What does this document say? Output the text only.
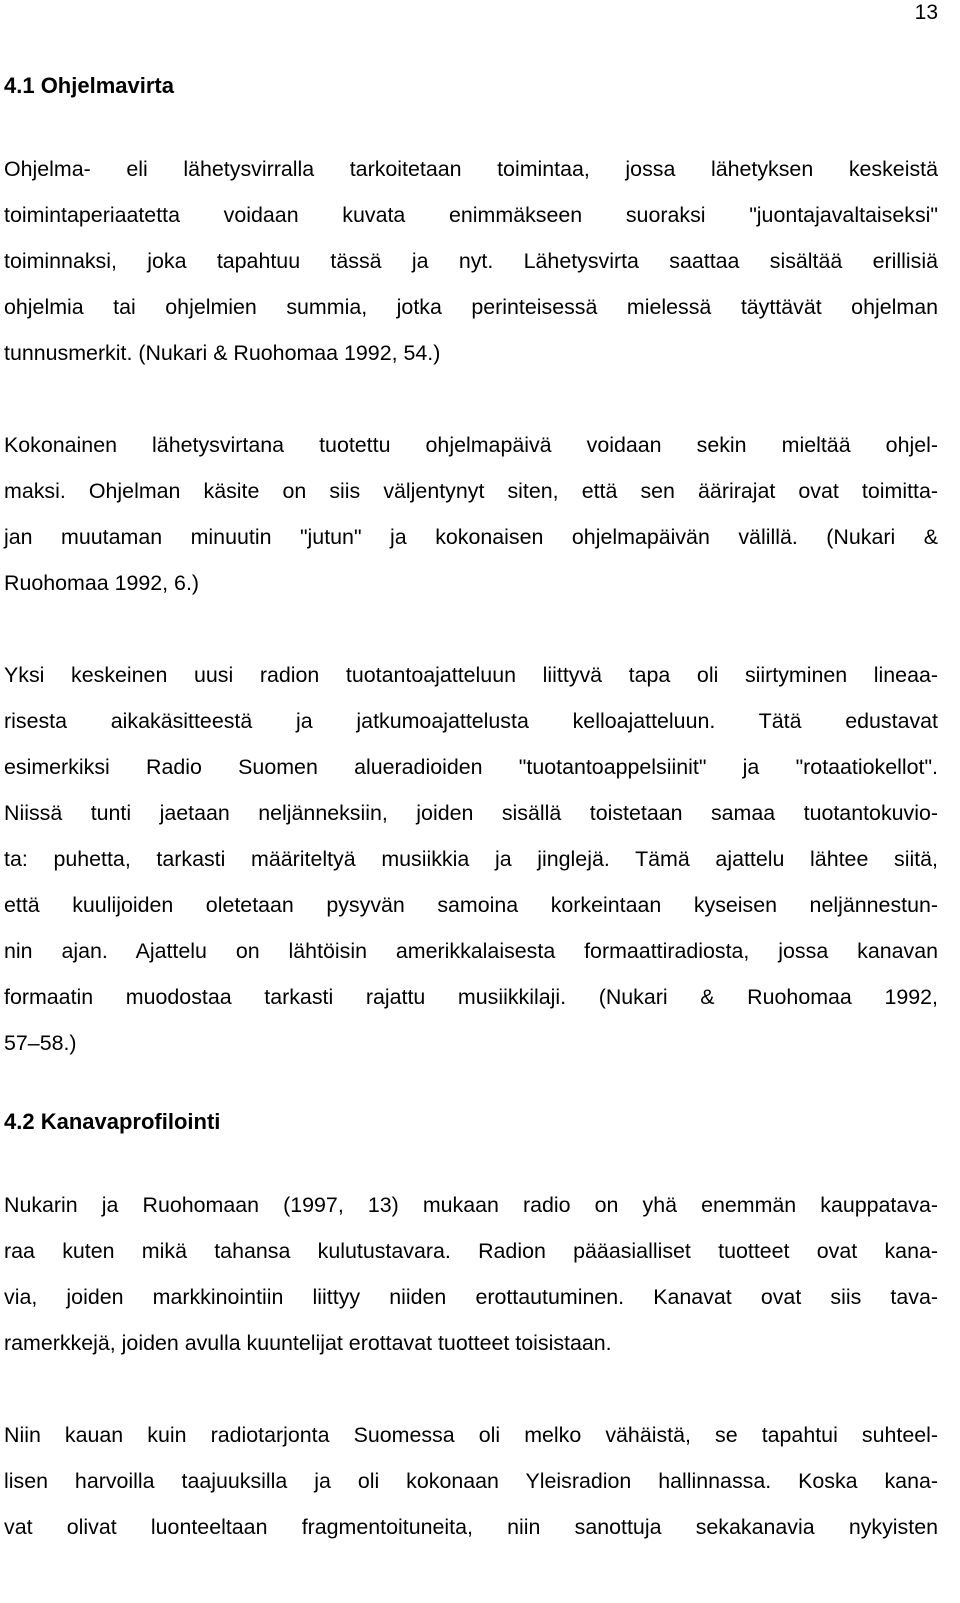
13
4.1 Ohjelmavirta

Ohjelma- eli lähetysvirralla tarkoitetaan toimintaa, jossa lähetyksen keskeistä
toimintaperiaatetta voidaan kuvata enimmäkseen suoraksi "juontajavaltaiseksi"
toiminnaksi, joka tapahtuu tässä ja nyt. Lähetysvirta saattaa sisältää erillisiä
ohjelmia tai ohjelmien summia, jotka perinteisessä mielessä täyttävät ohjelman
tunnusmerkit. (Nukari & Ruohomaa 1992, 54.)

Kokonainen lähetysvirtana tuotettu ohjelmapäivä voidaan sekin mieltää ohjel-
maksi. Ohjelman käsite on siis väljentynyt siten, että sen äärirajat ovat toimitta-
jan muutaman minuutin "jutun" ja kokonaisen ohjelmapäivän välillä. (Nukari &
Ruohomaa 1992, 6.)

Yksi keskeinen uusi radion tuotantoajatteluun liittyvä tapa oli siirtyminen lineaa-
risesta aikakäsitteestä ja jatkumoajattelusta kelloajatteluun. Tätä edustavat
esimerkiksi Radio Suomen alueradioiden "tuotantoappelsiinit" ja "rotaatiokellot".
Niissä tunti jaetaan neljänneksiin, joiden sisällä toistetaan samaa tuotantokuvio-
ta: puhetta, tarkasti määriteltyä musiikkia ja jinglejä. Tämä ajattelu lähtee siitä,
että kuulijoiden oletetaan pysyvän samoina korkeintaan kyseisen neljännestun-
nin ajan. Ajattelu on lähtöisin amerikkalaisesta formaattiradiosta, jossa kanavan
formaatin muodostaa tarkasti rajattu musiikkilaji. (Nukari & Ruohomaa 1992,
57–58.)

4.2 Kanavaprofilointi

Nukarin ja Ruohomaan (1997, 13) mukaan radio on yhä enemmän kauppatava-
raa kuten mikä tahansa kulutustavara. Radion pääasialliset tuotteet ovat kana-
via, joiden markkinointiin liittyy niiden erottautuminen. Kanavat ovat siis tava-
ramerkkejä, joiden avulla kuuntelijat erottavat tuotteet toisistaan.

Niin kauan kuin radiotarjonta Suomessa oli melko vähäistä, se tapahtui suhteel-
lisen harvoilla taajuuksilla ja oli kokonaan Yleisradion hallinnassa. Koska kana-
vat olivat luonteeltaan fragmentoituneita, niin sanottuja sekakanavia nykyisten
